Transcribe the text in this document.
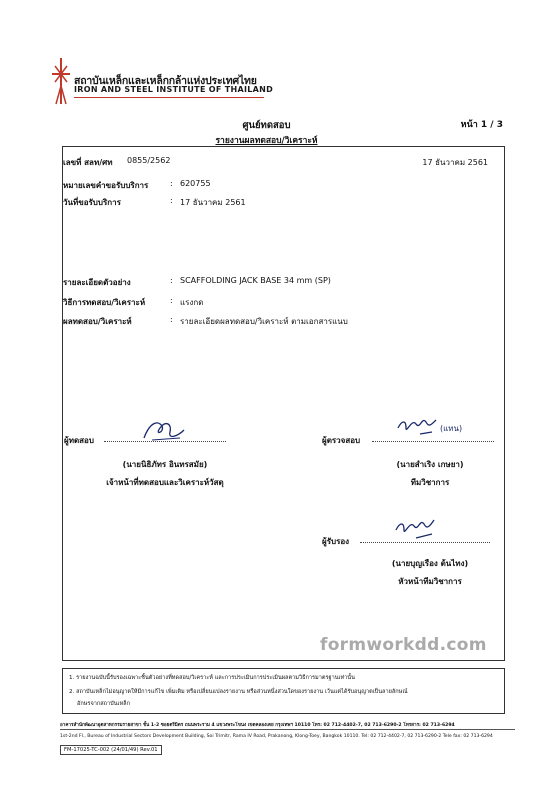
สถาบันเหล็กและเหล็กกล้าแห่งประเทศไทย
IRON AND STEEL INSTITUTE OF THAILAND
ศูนย์ทดสอบ	หน้า 1 / 3
รายงานผลทดสอบ/วิเคราะห์
เลขที่ สลท/ศท 0855/2562	17 ธันวาคม 2561
หมายเลขคำขอรับบริการ	: 620755
วันที่ขอรับบริการ	: 17 ธันวาคม 2561
รายละเอียดตัวอย่าง	: SCAFFOLDING JACK BASE 34 mm (SP)
วิธีการทดสอบ/วิเคราะห์	: แรงกด
ผลทดสอบ/วิเคราะห์	: รายละเอียดผลทดสอบ/วิเคราะห์ ตามเอกสารแนบ
ผู้ทดสอบ
(นายนิธิภัทร อินทรสมัย)
เจ้าหน้าที่ทดสอบและวิเคราะห์วัสดุ
ผู้ตรวจสอบ
(แทน)
(นายสำเริง เกษยา)
ทีมวิชาการ
ผู้รับรอง
(นายบุญเรือง ต้นไทง)
หัวหน้าทีมวิชาการ
formworkdd.com
1. รายงานฉบับนี้รับรองเฉพาะชิ้นตัวอย่างที่ทดสอบ/วิเคราะห์ และการประเมินการประเมินผลตามวิธีการมาตรฐานเท่านั้น
2. สถาบันเหล็กไม่อนุญาตให้มีการแก้ไข เพิ่มเติม หรือเปลี่ยนแปลงรายงาน หรือส่วนหนึ่งส่วนใดของรายงาน เว้นแต่ได้รับอนุญาตเป็นลายลักษณ์
อักษรจากสถาบันเหล็ก
อาคารสำนักพัฒนาอุตสาหกรรมรายสาขา ชั้น 1-2 ซอยตรีมิตร ถนนพระราม 4 แขวงพระโขนง เขตคลองเตย กรุงเทพฯ 10110 โทร: 02 712-4402-7, 02 713-6290-2 โทรสาร: 02 713-6294
1st-2nd Fl., Bureau of Industrial Sectors Development Building, Soi Trimitr, Rama IV Road, Prakanong, Klong-Toey, Bangkok 10110. Tel: 02 712-4402-7, 02 713-6290-2 Tele fax: 02 713-6294
FM-17025-TC-002 (24/01/49) Rev.01
